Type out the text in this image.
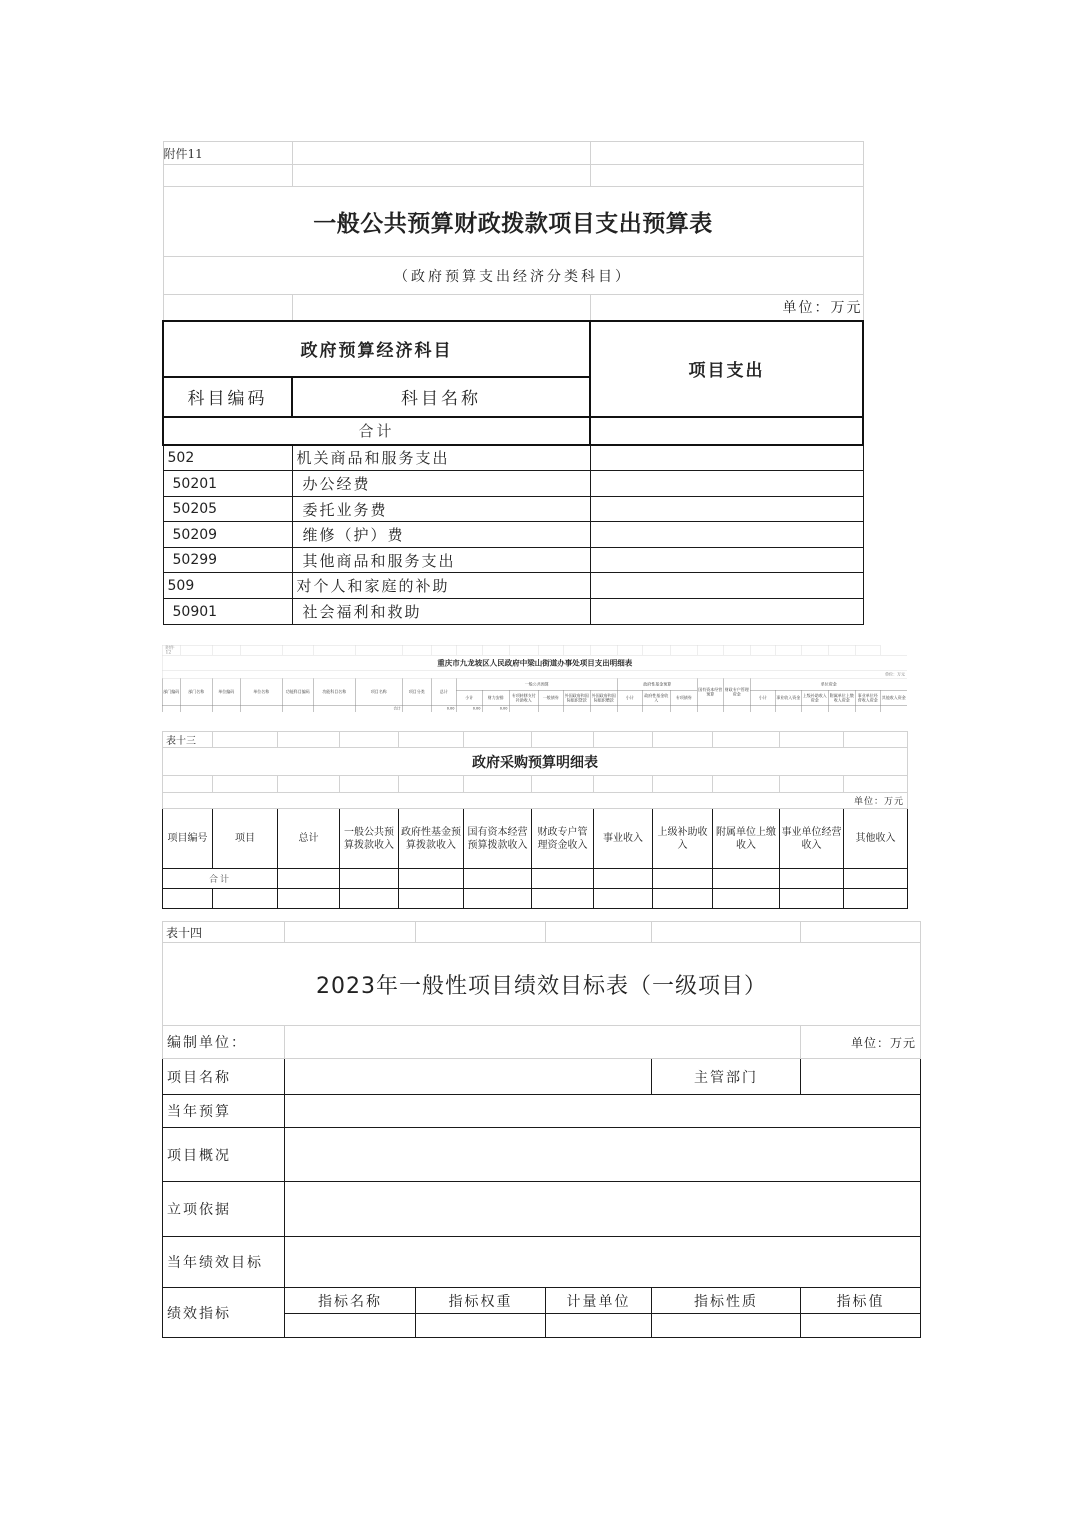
附件11		

一般公共预算财政拨款项目支出预算表		
（政府预算支出经济分类科目）		
		单位：万元
政府预算经济科目		项目支出
科目编码	科目名称	
合计		
502	机关商品和服务支出	
50201	办公经费	
50205	委托业务费	
50209	维修（护）费	
50299	其他商品和服务支出	
509	对个人和家庭的补助	
50901	社会福利和救助	
附件12																									
重庆市九龙坡区人民政府中梁山街道办事处项目支出明细表																									
单位：万元																									
部门编码	部门名称	单位编码	单位名称	功能科目编码	功能科目名称	项目名称	项目分类	总计	一般公共预算						政府性基金预算			国有资本经营预算	财政专户管理资金	单位资金					
									小计	财力安排	专项转移支付补助收入	一般债券	外国政府和国际组织贷款	外国政府和国际组织赠款	小计	政府性基金收入	专项债券			小计	事业收入资金	上级补助收入资金	附属单位上缴收入资金	事业单位经营收入资金	其他收入资金
						合计		0.00	0.00	0.00															
表十三											
政府采购预算明细表											

单位：万元											
项目编号	项目	总计	一般公共预算拨款收入	政府性基金预算拨款收入	国有资本经营预算拨款收入	财政专户管理资金收入	事业收入	上级补助收入	附属单位上缴收入	事业单位经营收入	其他收入
合计											

表十四					
2023年一般性项目绩效目标表（一级项目）					
编制单位：					单位：万元
项目名称				主管部门	
当年预算					
项目概况					
立项依据					
当年绩效目标					
绩效指标	指标名称	指标权重	计量单位	指标性质	指标值
